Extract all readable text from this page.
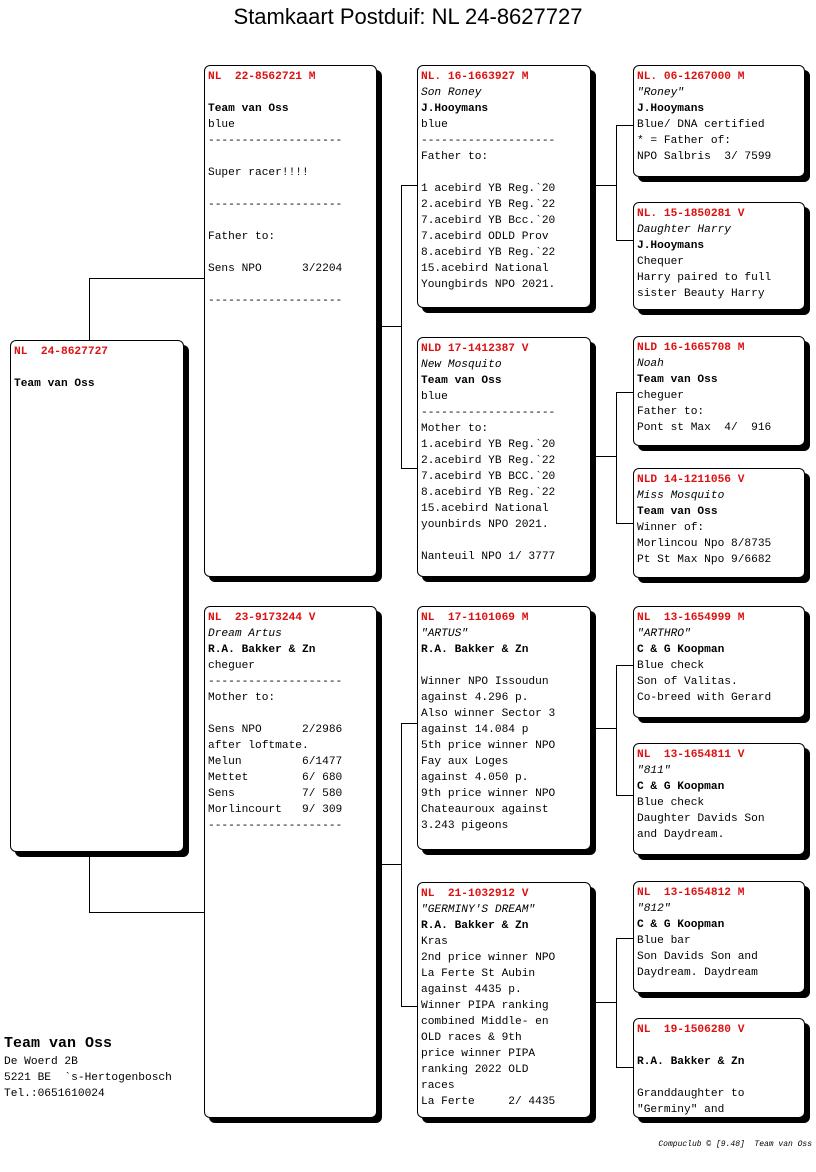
Stamkaart Postduif: NL 24-8627727
NL  24-8627727
Team van Oss
NL  22-8562721 M
Team van Oss
blue
--------------------
Super racer!!!!
--------------------
Father to:
Sens NPO      3/2204
--------------------
NL  23-9173244 V
Dream Artus
R.A. Bakker & Zn
cheguer
--------------------
Mother to:
Sens NPO      2/2986
after loftmate.
Melun         6/1477
Mettet        6/ 680
Sens          7/ 580
Morlincourt   9/ 309
--------------------
NL. 16-1663927 M
Son Roney
J.Hooymans
blue
--------------------
Father to:
1 acebird YB Reg.`20
2.acebird YB Reg.`22
7.acebird YB Bcc.`20
7.acebird ODLD Prov
8.acebird YB Reg.`22
15.acebird National
Youngbirds NPO 2021.
NLD 17-1412387 V
New Mosquito
Team van Oss
blue
--------------------
Mother to:
1.acebird YB Reg.`20
2.acebird YB Reg.`22
7.acebird YB BCC.`20
8.acebird YB Reg.`22
15.acebird National
younbirds NPO 2021.
Nanteuil NPO 1/ 3777
NL  17-1101069 M
"ARTUS"
R.A. Bakker & Zn
Winner NPO Issoudun
against 4.296 p.
Also winner Sector 3
against 14.084 p
5th price winner NPO
Fay aux Loges
against 4.050 p.
9th price winner NPO
Chateauroux against
3.243 pigeons
NL  21-1032912 V
"GERMINY'S DREAM"
R.A. Bakker & Zn
Kras
2nd price winner NPO
La Ferte St Aubin
against 4435 p.
Winner PIPA ranking
combined Middle- en
OLD races & 9th
price winner PIPA
ranking 2022 OLD
races
La Ferte     2/ 4435
NL. 06-1267000 M
"Roney"
J.Hooymans
Blue/ DNA certified
* = Father of:
NPO Salbris  3/ 7599
NL. 15-1850281 V
Daughter Harry
J.Hooymans
Chequer
Harry paired to full
sister Beauty Harry
NLD 16-1665708 M
Noah
Team van Oss
cheguer
Father to:
Pont st Max  4/  916
NLD 14-1211056 V
Miss Mosquito
Team van Oss
Winner of:
Morlincou Npo 8/8735
Pt St Max Npo 9/6682
NL  13-1654999 M
"ARTHRO"
C & G Koopman
Blue check
Son of Valitas.
Co-breed with Gerard
NL  13-1654811 V
"811"
C & G Koopman
Blue check
Daughter Davids Son
and Daydream.
NL  13-1654812 M
"812"
C & G Koopman
Blue bar
Son Davids Son and
Daydream. Daydream
NL  19-1506280 V
R.A. Bakker & Zn
Granddaughter to
"Germiny" and
Team van Oss
De Woerd 2B
5221 BE  `s-Hertogenbosch
Tel.:0651610024
Compuclub © [9.48]  Team van Oss
